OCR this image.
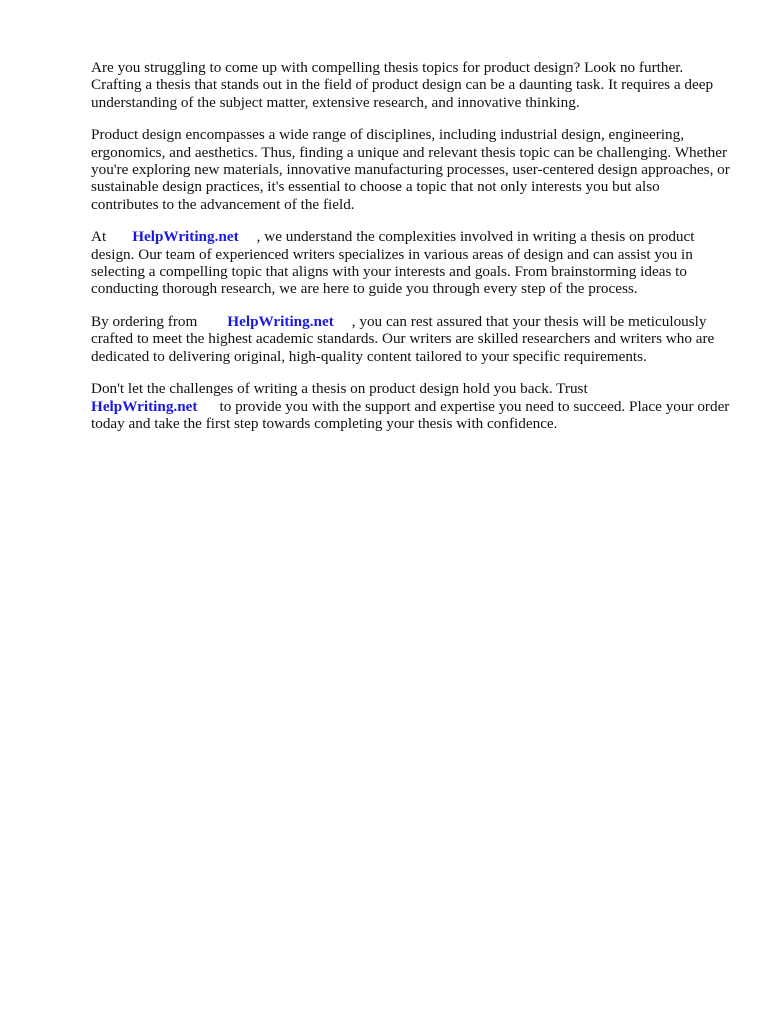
Are you struggling to come up with compelling thesis topics for product design? Look no further. Crafting a thesis that stands out in the field of product design can be a daunting task. It requires a deep understanding of the subject matter, extensive research, and innovative thinking.

Product design encompasses a wide range of disciplines, including industrial design, engineering, ergonomics, and aesthetics. Thus, finding a unique and relevant thesis topic can be challenging. Whether you're exploring new materials, innovative manufacturing processes, user-centered design approaches, or sustainable design practices, it's essential to choose a topic that not only interests you but also contributes to the advancement of the field.

At HelpWriting.net , we understand the complexities involved in writing a thesis on product design. Our team of experienced writers specializes in various areas of design and can assist you in selecting a compelling topic that aligns with your interests and goals. From brainstorming ideas to conducting thorough research, we are here to guide you through every step of the process.

By ordering from HelpWriting.net , you can rest assured that your thesis will be meticulously crafted to meet the highest academic standards. Our writers are skilled researchers and writers who are dedicated to delivering original, high-quality content tailored to your specific requirements.

Don't let the challenges of writing a thesis on product design hold you back. Trust
HelpWriting.net to provide you with the support and expertise you need to succeed. Place your order today and take the first step towards completing your thesis with confidence.
